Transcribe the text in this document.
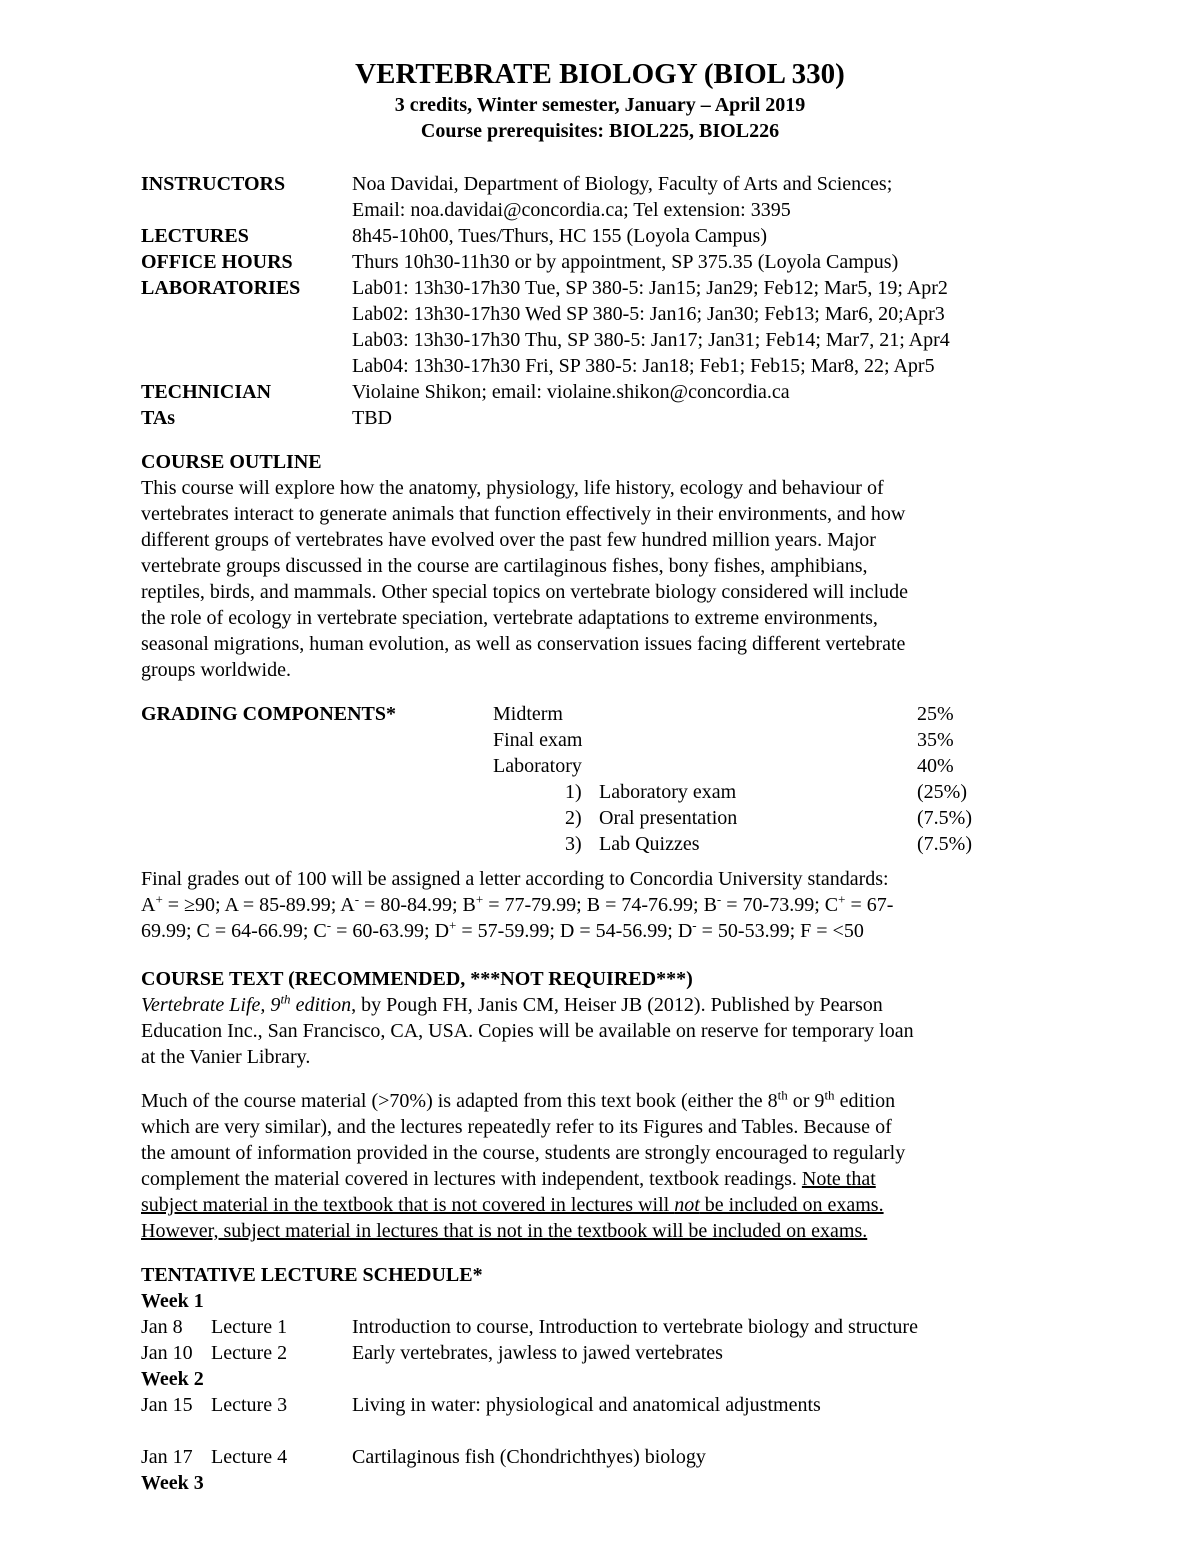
VERTEBRATE BIOLOGY (BIOL 330)
3 credits, Winter semester, January – April 2019
Course prerequisites: BIOL225, BIOL226
INSTRUCTORS	Noa Davidai, Department of Biology, Faculty of Arts and Sciences;
Email: noa.davidai@concordia.ca; Tel extension: 3395
LECTURES	8h45-10h00, Tues/Thurs, HC 155 (Loyola Campus)
OFFICE HOURS	Thurs 10h30-11h30 or by appointment, SP 375.35 (Loyola Campus)
LABORATORIES	Lab01: 13h30-17h30 Tue, SP 380-5: Jan15; Jan29; Feb12; Mar5, 19; Apr2
Lab02: 13h30-17h30 Wed SP 380-5: Jan16; Jan30; Feb13; Mar6, 20;Apr3
Lab03: 13h30-17h30 Thu, SP 380-5: Jan17; Jan31; Feb14; Mar7, 21; Apr4
Lab04: 13h30-17h30 Fri, SP 380-5: Jan18; Feb1; Feb15; Mar8, 22; Apr5
TECHNICIAN	Violaine Shikon; email: violaine.shikon@concordia.ca
TAs	TBD
COURSE OUTLINE
This course will explore how the anatomy, physiology, life history, ecology and behaviour of
vertebrates interact to generate animals that function effectively in their environments, and how
different groups of vertebrates have evolved over the past few hundred million years. Major
vertebrate groups discussed in the course are cartilaginous fishes, bony fishes, amphibians,
reptiles, birds, and mammals. Other special topics on vertebrate biology considered will include
the role of ecology in vertebrate speciation, vertebrate adaptations to extreme environments,
seasonal migrations, human evolution, as well as conservation issues facing different vertebrate
groups worldwide.
GRADING COMPONENTS*	Midterm	25%
Final exam	35%
Laboratory	40%
1) Laboratory exam	(25%)
2) Oral presentation	(7.5%)
3) Lab Quizzes	(7.5%)
Final grades out of 100 will be assigned a letter according to Concordia University standards:
A+ = ≥90; A = 85-89.99; A- = 80-84.99; B+ = 77-79.99; B = 74-76.99; B- = 70-73.99; C+ = 67-
69.99; C = 64-66.99; C- = 60-63.99; D+ = 57-59.99; D = 54-56.99; D- = 50-53.99; F = <50
COURSE TEXT (RECOMMENDED, ***NOT REQUIRED***)
Vertebrate Life, 9th edition, by Pough FH, Janis CM, Heiser JB (2012). Published by Pearson
Education Inc., San Francisco, CA, USA. Copies will be available on reserve for temporary loan
at the Vanier Library.
Much of the course material (>70%) is adapted from this text book (either the 8th or 9th edition
which are very similar), and the lectures repeatedly refer to its Figures and Tables. Because of
the amount of information provided in the course, students are strongly encouraged to regularly
complement the material covered in lectures with independent, textbook readings. Note that
subject material in the textbook that is not covered in lectures will not be included on exams.
However, subject material in lectures that is not in the textbook will be included on exams.
TENTATIVE LECTURE SCHEDULE*
Week 1
Jan 8 Lecture 1	Introduction to course, Introduction to vertebrate biology and structure
Jan 10 Lecture 2	Early vertebrates, jawless to jawed vertebrates
Week 2
Jan 15 Lecture 3	Living in water: physiological and anatomical adjustments
Jan 17 Lecture 4	Cartilaginous fish (Chondrichthyes) biology
Week 3
